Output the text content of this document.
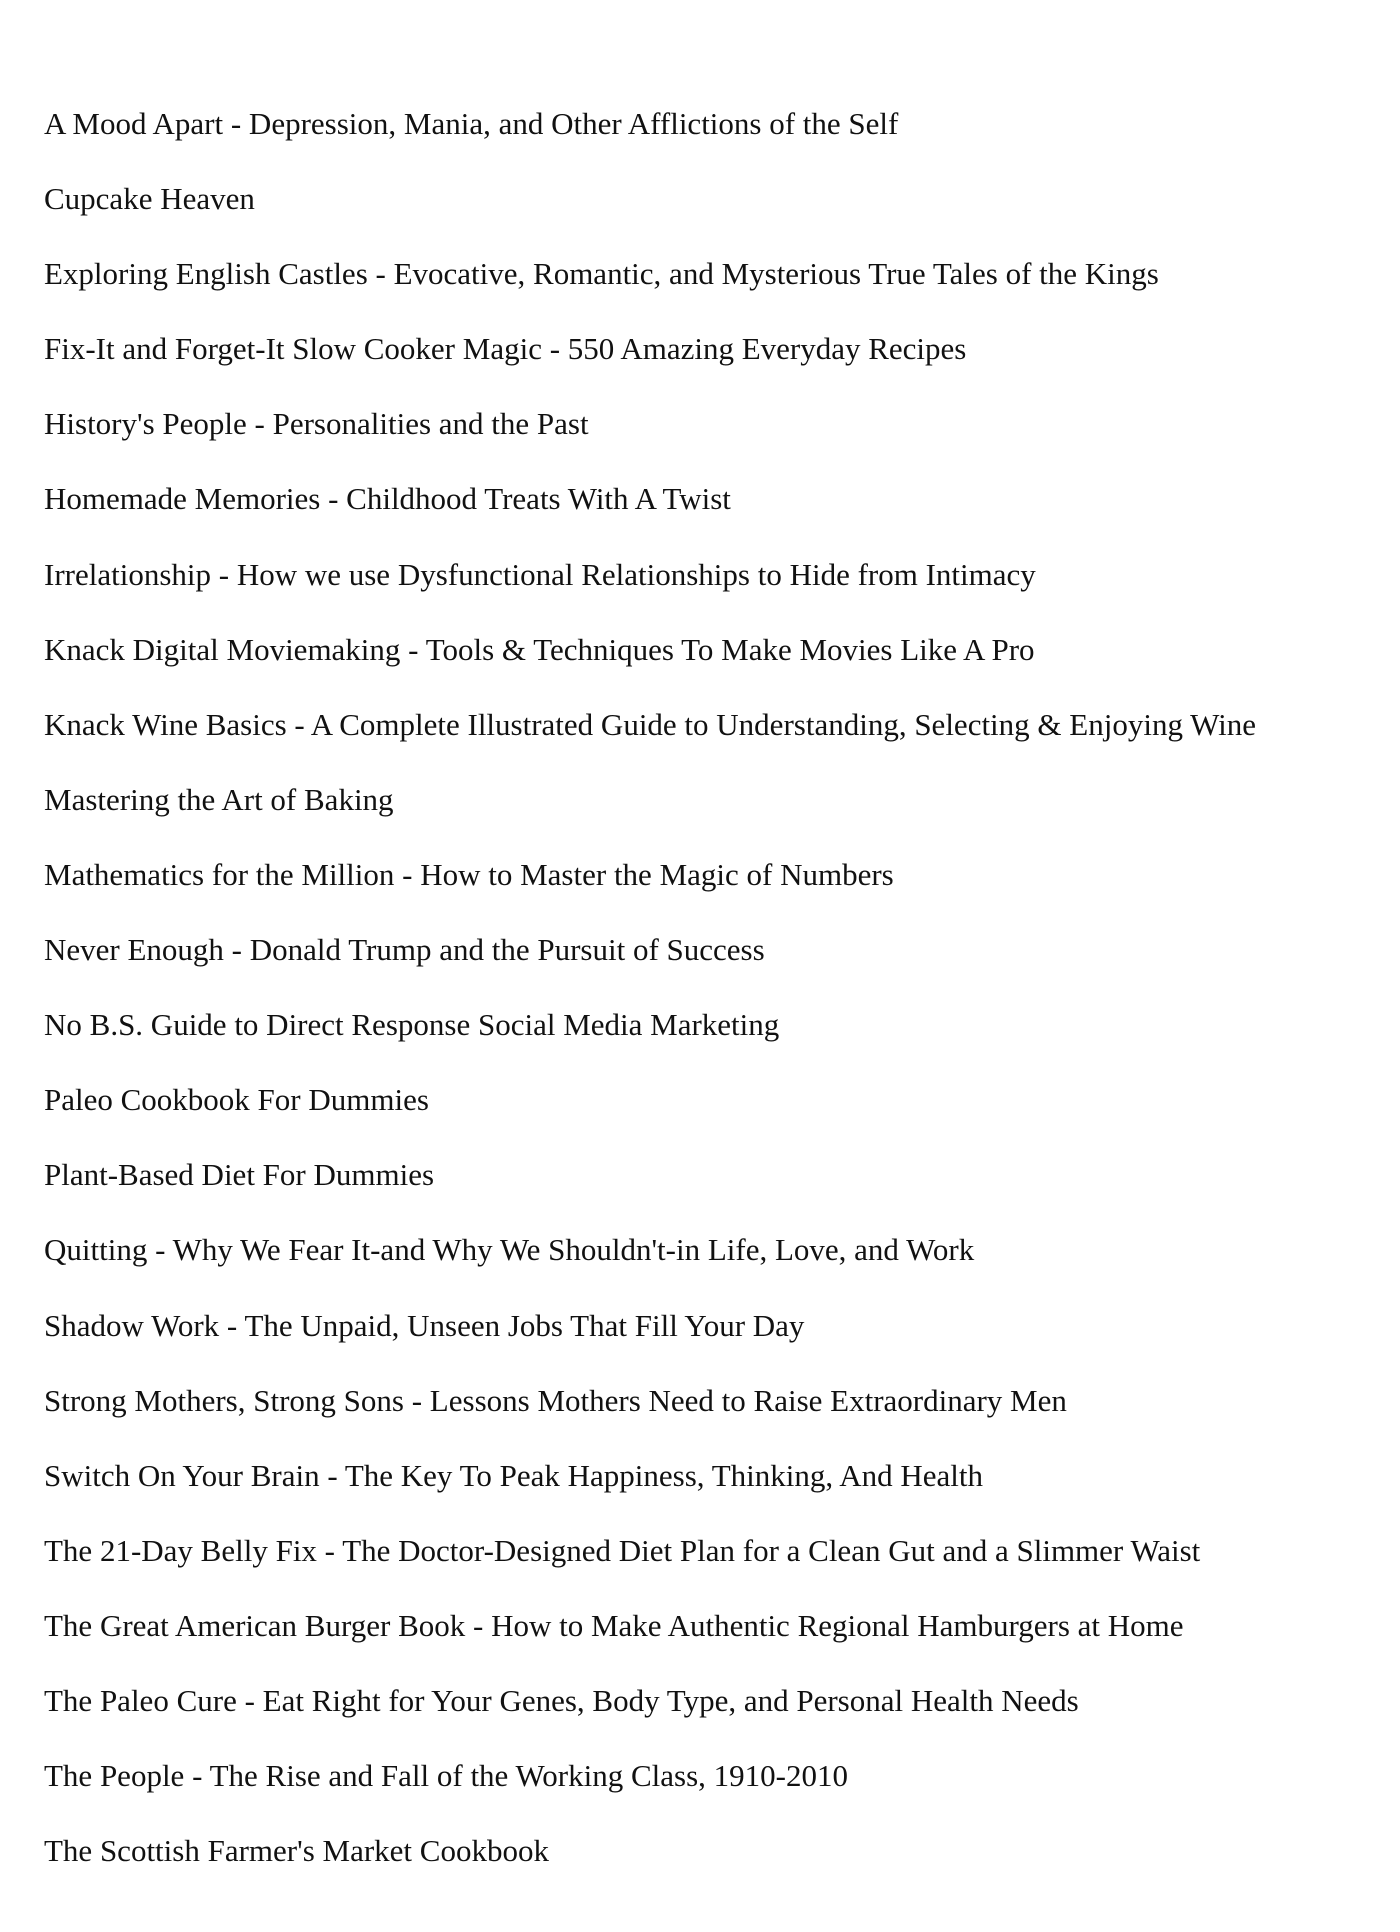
A Mood Apart - Depression, Mania, and Other Afflictions of the Self
Cupcake Heaven
Exploring English Castles - Evocative, Romantic, and Mysterious True Tales of the Kings
Fix-It and Forget-It Slow Cooker Magic - 550 Amazing Everyday Recipes
History's People - Personalities and the Past
Homemade Memories - Childhood Treats With A Twist
Irrelationship - How we use Dysfunctional Relationships to Hide from Intimacy
Knack Digital Moviemaking - Tools & Techniques To Make Movies Like A Pro
Knack Wine Basics - A Complete Illustrated Guide to Understanding, Selecting & Enjoying Wine
Mastering the Art of Baking
Mathematics for the Million - How to Master the Magic of Numbers
Never Enough - Donald Trump and the Pursuit of Success
No B.S. Guide to Direct Response Social Media Marketing
Paleo Cookbook For Dummies
Plant-Based Diet For Dummies
Quitting - Why We Fear It-and Why We Shouldn't-in Life, Love, and Work
Shadow Work - The Unpaid, Unseen Jobs That Fill Your Day
Strong Mothers, Strong Sons - Lessons Mothers Need to Raise Extraordinary Men
Switch On Your Brain - The Key To Peak Happiness, Thinking, And Health
The 21-Day Belly Fix - The Doctor-Designed Diet Plan for a Clean Gut and a Slimmer Waist
The Great American Burger Book - How to Make Authentic Regional Hamburgers at Home
The Paleo Cure - Eat Right for Your Genes, Body Type, and Personal Health Needs
The People - The Rise and Fall of the Working Class, 1910-2010
The Scottish Farmer's Market Cookbook
